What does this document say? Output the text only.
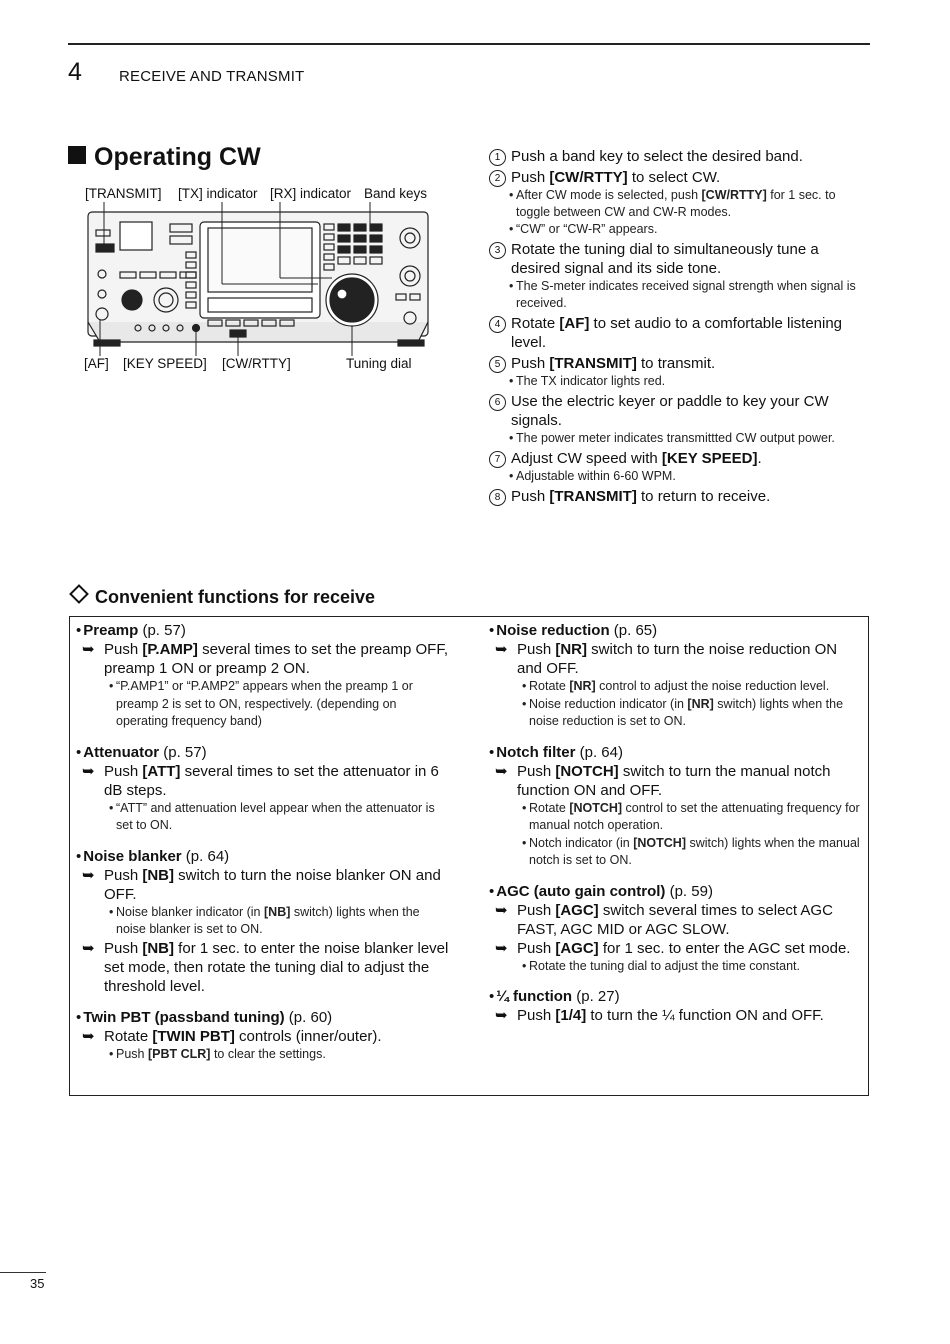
4 RECEIVE AND TRANSMIT
Operating CW
[TRANSMIT] [TX] indicator [RX] indicator Band keys
[AF] [KEY SPEED] [CW/RTTY]	Tuning dial
1 Push a band key to select the desired band.
2 Push [CW/RTTY] to select CW.
• After CW mode is selected, push [CW/RTTY] for 1 sec. to toggle between CW and CW-R modes.
• “CW” or “CW-R” appears.
3 Rotate the tuning dial to simultaneously tune a desired signal and its side tone.
• The S-meter indicates received signal strength when signal is received.
4 Rotate [AF] to set audio to a comfortable listening level.
5 Push [TRANSMIT] to transmit.
• The TX indicator lights red.
6 Use the electric keyer or paddle to key your CW signals.
• The power meter indicates transmittted CW output power.
7 Adjust CW speed with [KEY SPEED].
• Adjustable within 6-60 WPM.
8 Push [TRANSMIT] to return to receive.
Convenient functions for receive
• Preamp (p. 57)
➥ Push [P.AMP] several times to set the preamp OFF, preamp 1 ON or preamp 2 ON.
• “P.AMP1” or “P.AMP2” appears when the preamp 1 or preamp 2 is set to ON, respectively. (depending on operating frequency band)
• Attenuator (p. 57)
➥ Push [ATT] several times to set the attenuator in 6 dB steps.
• “ATT” and attenuation level appear when the attenuator is set to ON.
• Noise blanker (p. 64)
➥ Push [NB] switch to turn the noise blanker ON and OFF.
• Noise blanker indicator (in [NB] switch) lights when the noise blanker is set to ON.
➥ Push [NB] for 1 sec. to enter the noise blanker level set mode, then rotate the tuning dial to adjust the threshold level.
• Twin PBT (passband tuning) (p. 60)
➥ Rotate [TWIN PBT] controls (inner/outer).
• Push [PBT CLR] to clear the settings.
• Noise reduction (p. 65)
➥ Push [NR] switch to turn the noise reduction ON and OFF.
• Rotate [NR] control to adjust the noise reduction level.
• Noise reduction indicator (in [NR] switch) lights when the noise reduction is set to ON.
• Notch filter (p. 64)
➥ Push [NOTCH] switch to turn the manual notch function ON and OFF.
• Rotate [NOTCH] control to set the attenuating frequency for manual notch operation.
• Notch indicator (in [NOTCH] switch) lights when the manual notch is set to ON.
• AGC (auto gain control) (p. 59)
➥ Push [AGC] switch several times to select AGC FAST, AGC MID or AGC SLOW.
➥ Push [AGC] for 1 sec. to enter the AGC set mode.
• Rotate the tuning dial to adjust the time constant.
• ¼ function (p. 27)
➥ Push [1/4] to turn the ¼ function ON and OFF.
35
